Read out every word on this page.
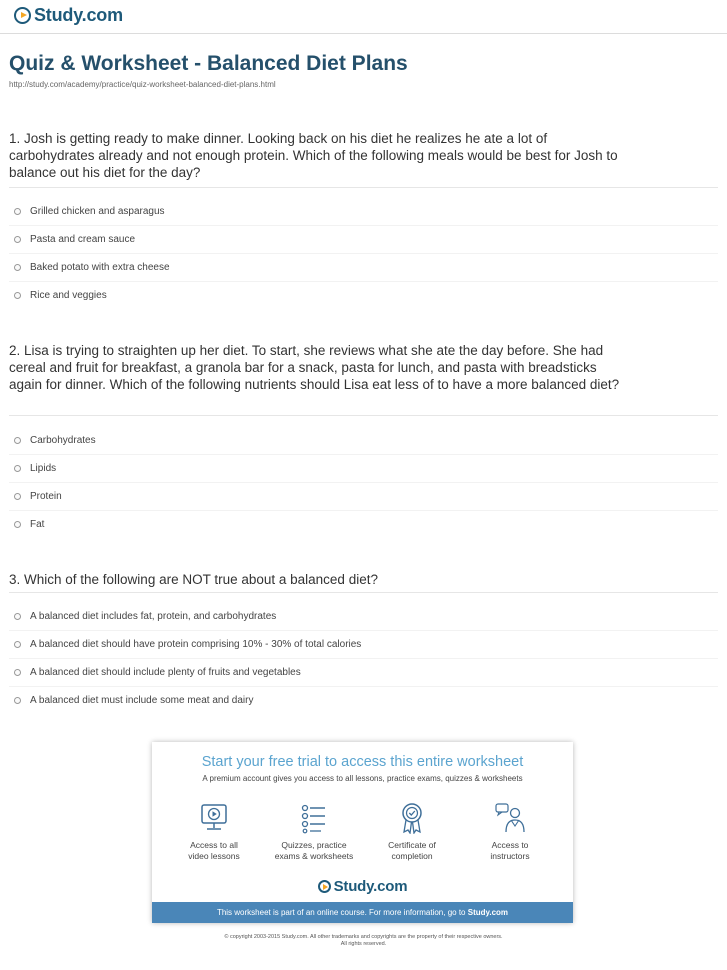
Study.com
Quiz & Worksheet - Balanced Diet Plans
http://study.com/academy/practice/quiz-worksheet-balanced-diet-plans.html
1. Josh is getting ready to make dinner. Looking back on his diet he realizes he ate a lot of carbohydrates already and not enough protein. Which of the following meals would be best for Josh to balance out his diet for the day?
Grilled chicken and asparagus
Pasta and cream sauce
Baked potato with extra cheese
Rice and veggies
2. Lisa is trying to straighten up her diet. To start, she reviews what she ate the day before. She had cereal and fruit for breakfast, a granola bar for a snack, pasta for lunch, and pasta with breadsticks again for dinner. Which of the following nutrients should Lisa eat less of to have a more balanced diet?
Carbohydrates
Lipids
Protein
Fat
3. Which of the following are NOT true about a balanced diet?
A balanced diet includes fat, protein, and carbohydrates
A balanced diet should have protein comprising 10% - 30% of total calories
A balanced diet should include plenty of fruits and vegetables
A balanced diet must include some meat and dairy
Start your free trial to access this entire worksheet
A premium account gives you access to all lessons, practice exams, quizzes & worksheets
Access to all
video lessons
Quizzes, practice
exams & worksheets
Certificate of
completion
Access to
instructors
Study.com
This worksheet is part of an online course. For more information, go to Study.com
© copyright 2003-2015 Study.com. All other trademarks and copyrights are the property of their respective owners.
All rights reserved.
